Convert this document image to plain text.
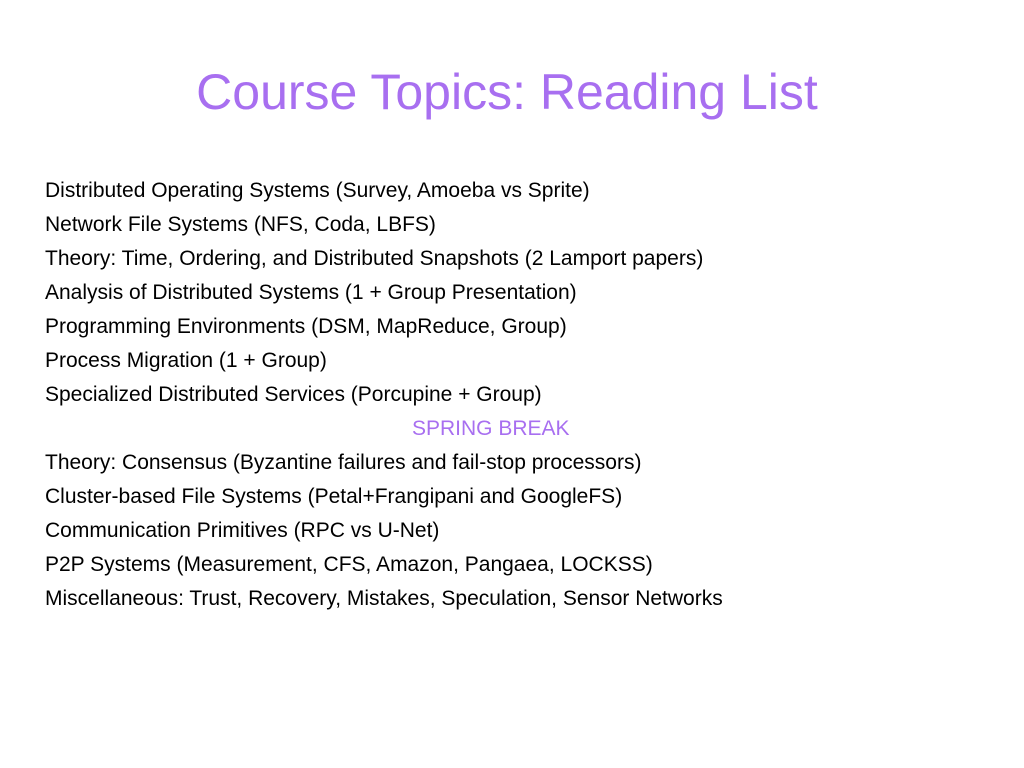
Course Topics: Reading List
Distributed Operating Systems (Survey, Amoeba vs Sprite)
Network File Systems (NFS, Coda, LBFS)
Theory: Time, Ordering, and Distributed Snapshots (2 Lamport papers)
Analysis of Distributed Systems (1 + Group Presentation)
Programming Environments (DSM, MapReduce, Group)
Process Migration (1 + Group)
Specialized Distributed Services (Porcupine + Group)
SPRING BREAK
Theory: Consensus (Byzantine failures and fail-stop processors)
Cluster-based File Systems (Petal+Frangipani and GoogleFS)
Communication Primitives (RPC vs U-Net)
P2P Systems (Measurement, CFS, Amazon, Pangaea, LOCKSS)
Miscellaneous: Trust, Recovery, Mistakes, Speculation, Sensor Networks
